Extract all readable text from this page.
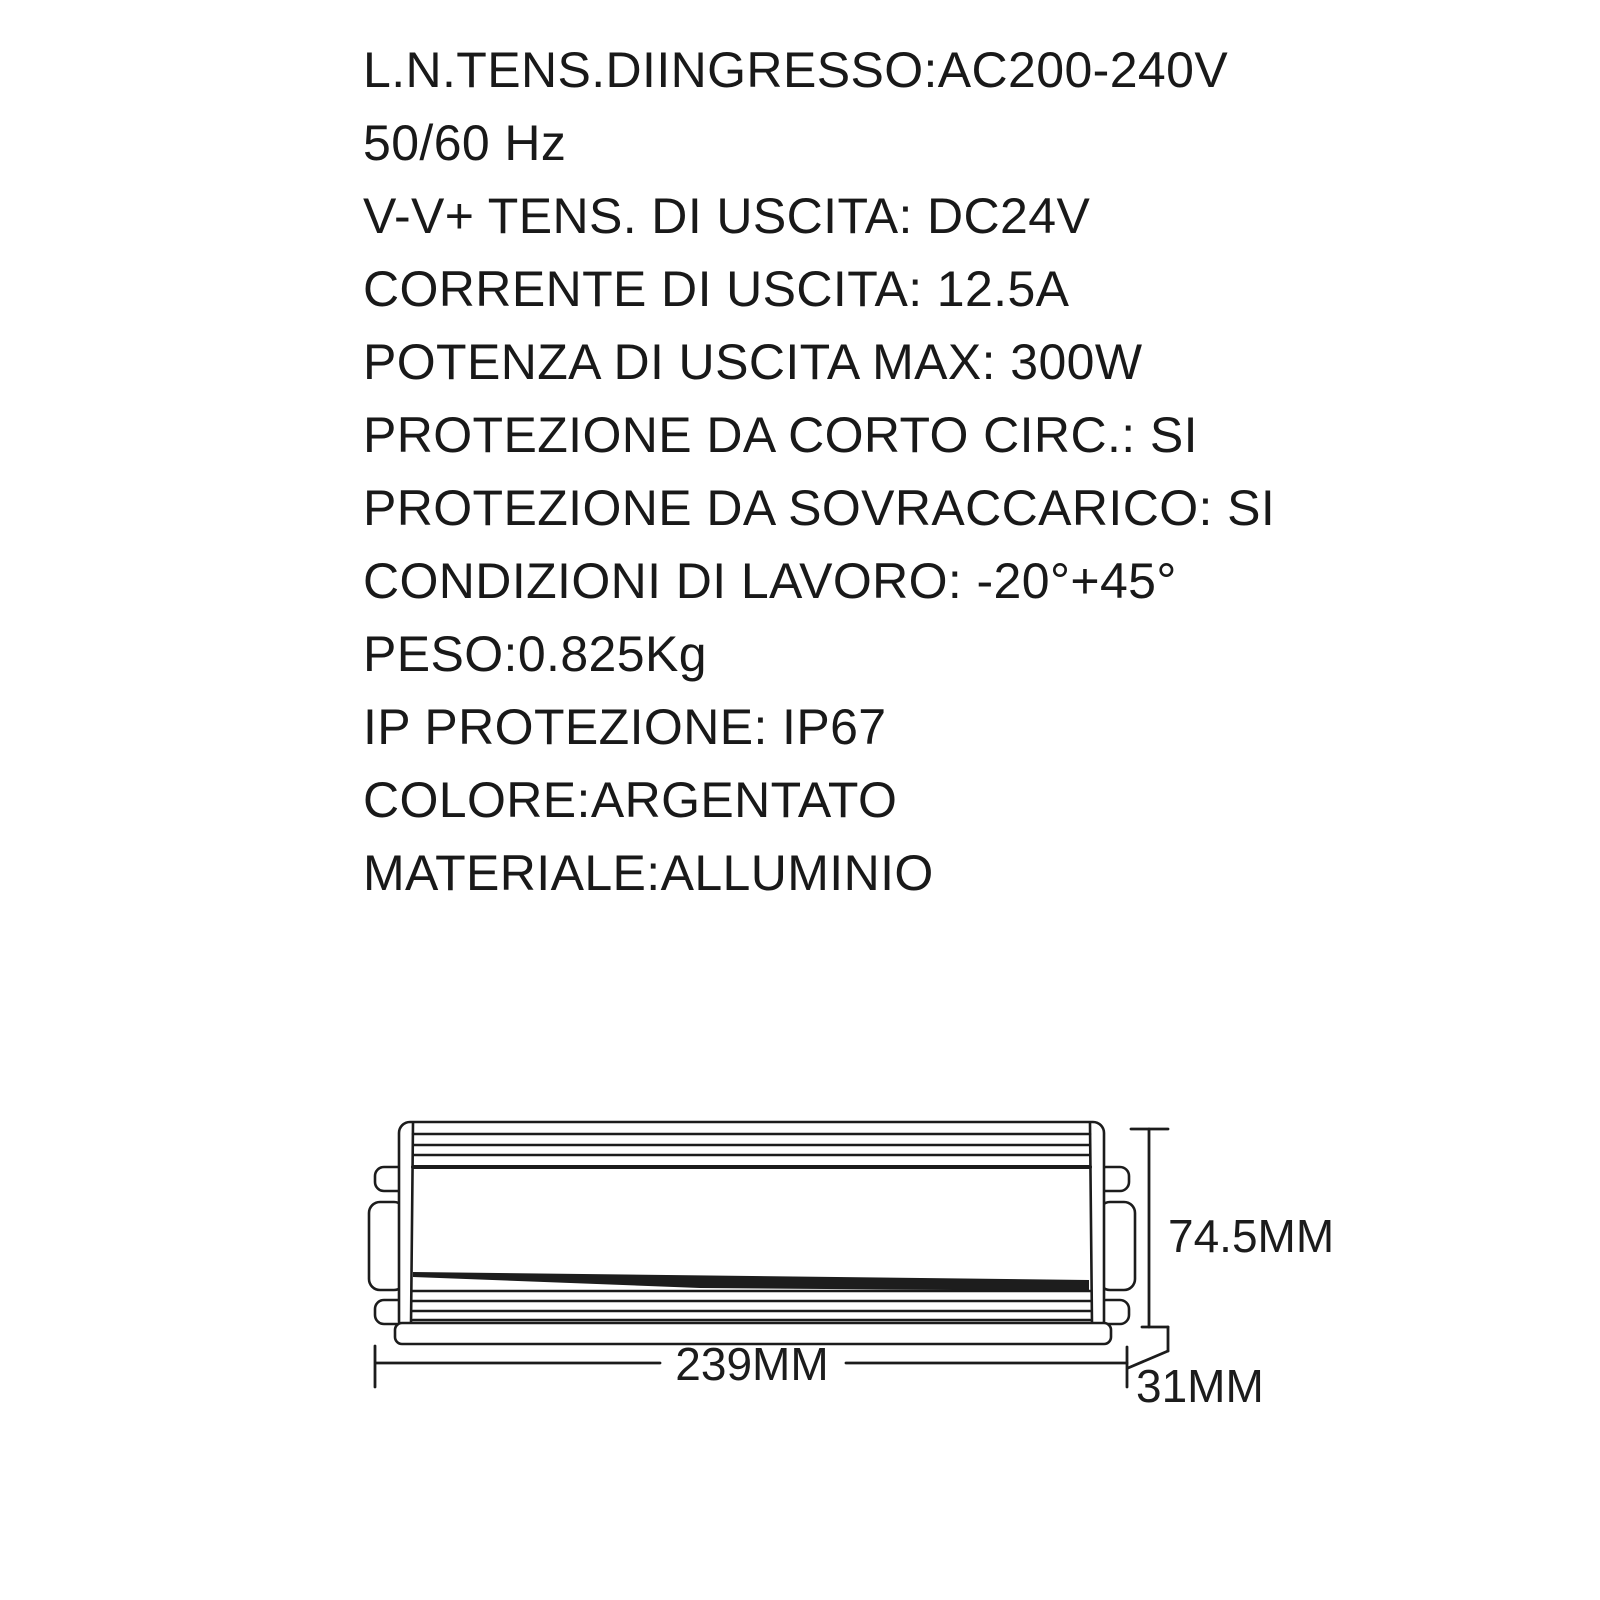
L.N.TENS.DIINGRESSO:AC200-240V
50/60 Hz
V-V+ TENS. DI USCITA: DC24V
CORRENTE DI USCITA: 12.5A
POTENZA DI USCITA MAX: 300W
PROTEZIONE DA CORTO CIRC.: SI
PROTEZIONE DA SOVRACCARICO: SI
CONDIZIONI DI LAVORO: -20°+45°
PESO:0.825Kg
IP PROTEZIONE: IP67
COLORE:ARGENTATO
MATERIALE:ALLUMINIO
74.5MM
239MM	31MM
